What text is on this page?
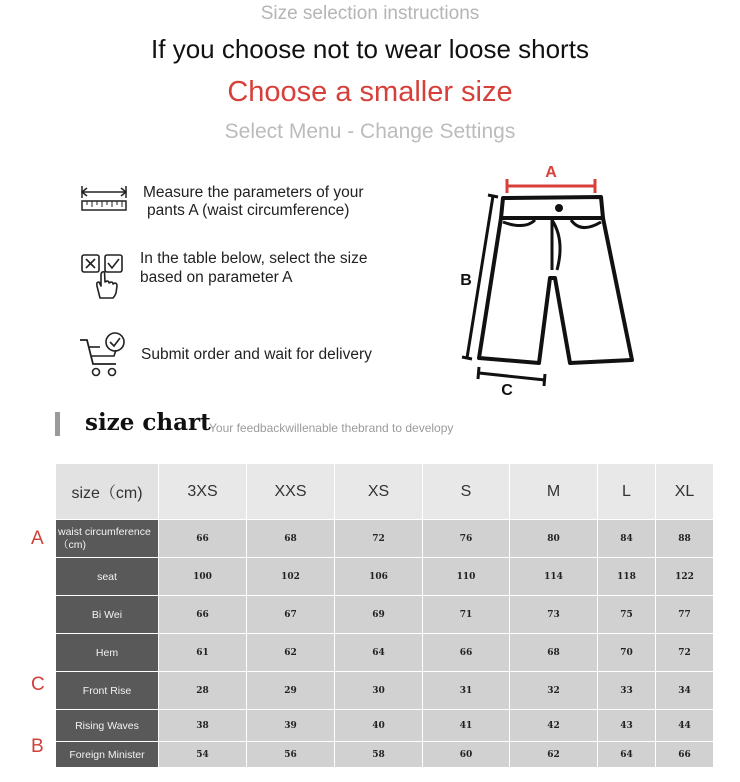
Size selection instructions
If you choose not to wear loose shorts
Choose a smaller size
Select Menu - Change Settings
Measure the parameters of your
pants A (waist circumference)
In the table below, select the size
based on parameter A
Submit order and wait for delivery
A
B
C
size chart
Your feedbackwillenable thebrand to developy
size（cm)	3XS	XXS	XS	S	M	L	XL
waist circumference（cm)	66	68	72	76	80	84	88
seat	100	102	106	110	114	118	122
Bi Wei	66	67	69	71	73	75	77
Hem	61	62	64	66	68	70	72
Front Rise	28	29	30	31	32	33	34
Rising Waves	38	39	40	41	42	43	44
Foreign Minister	54	56	58	60	62	64	66
A
C
B
